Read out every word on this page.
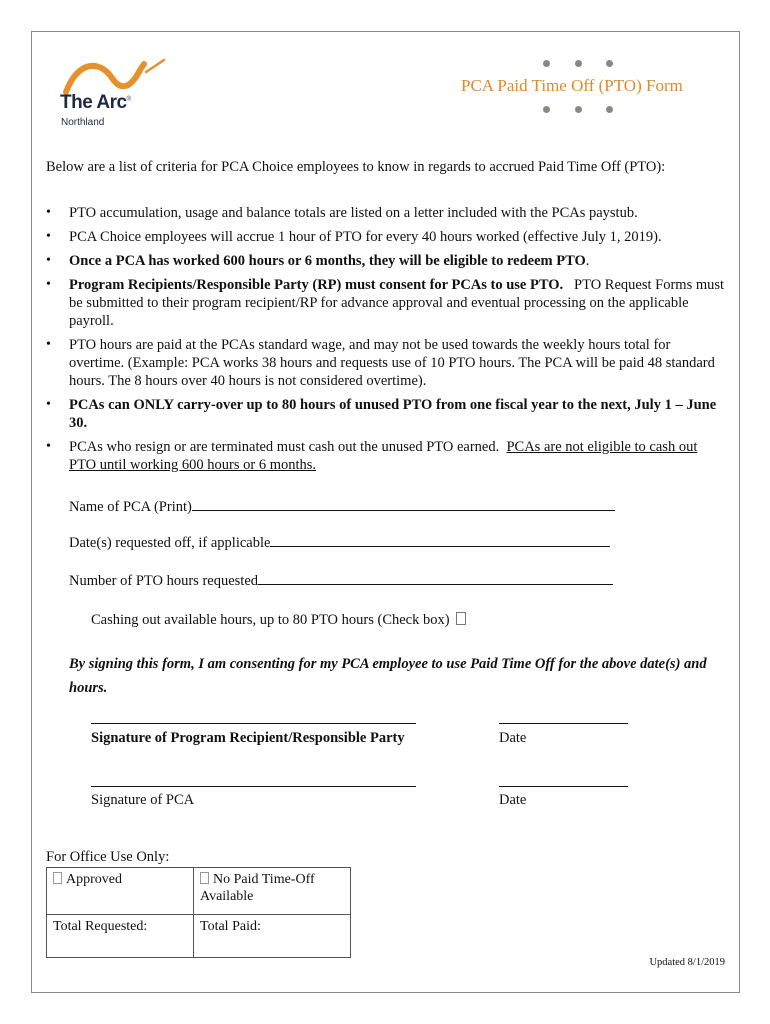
The Arc®
Northland
PCA Paid Time Off (PTO) Form
Below are a list of criteria for PCA Choice employees to know in regards to accrued Paid Time Off (PTO):
• PTO accumulation, usage and balance totals are listed on a letter included with the PCAs paystub.
• PCA Choice employees will accrue 1 hour of PTO for every 40 hours worked (effective July 1, 2019).
• Once a PCA has worked 600 hours or 6 months, they will be eligible to redeem PTO.
• Program Recipients/Responsible Party (RP) must consent for PCAs to use PTO.   PTO Request Forms must be submitted to their program recipient/RP for advance approval and eventual processing on the applicable payroll.
• PTO hours are paid at the PCAs standard wage, and may not be used towards the weekly hours total for overtime. (Example: PCA works 38 hours and requests use of 10 PTO hours. The PCA will be paid 48 standard hours. The 8 hours over 40 hours is not considered overtime).
• PCAs can ONLY carry-over up to 80 hours of unused PTO from one fiscal year to the next, July 1 – June 30.
• PCAs who resign or are terminated must cash out the unused PTO earned.  PCAs are not eligible to cash out PTO until working 600 hours or 6 months.
Name of PCA (Print)
Date(s) requested off, if applicable
Number of PTO hours requested
Cashing out available hours, up to 80 PTO hours (Check box)
By signing this form, I am consenting for my PCA employee to use Paid Time Off for the above date(s) and hours.
Signature of Program Recipient/Responsible Party	Date
Signature of PCA	Date
For Office Use Only:
Approved	No Paid Time-Off Available
Total Requested:	Total Paid:
Updated 8/1/2019
